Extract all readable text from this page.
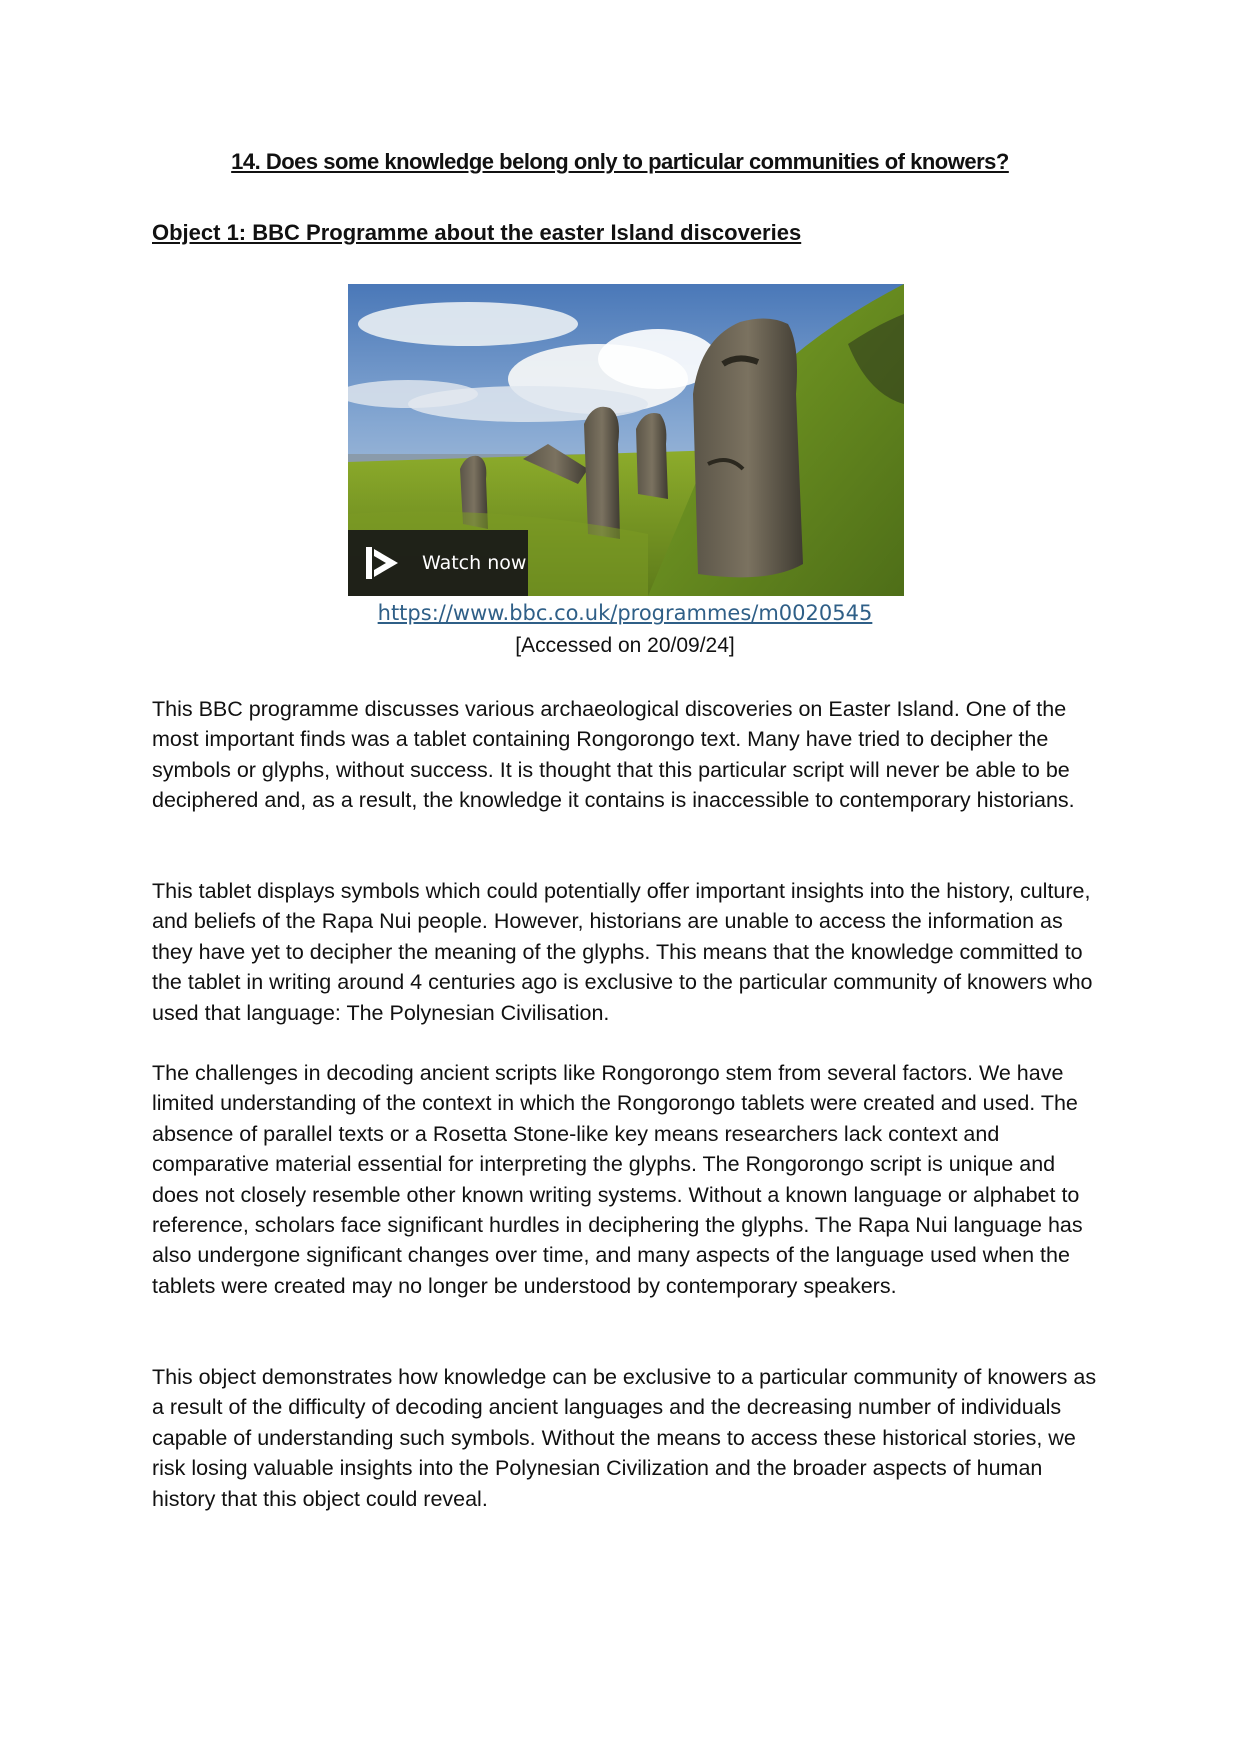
14. Does some knowledge belong only to particular communities of knowers?
Object 1: BBC Programme about the easter Island discoveries
Watch now
https://www.bbc.co.uk/programmes/m0020545
[Accessed on 20/09/24]

This BBC programme discusses various archaeological discoveries on Easter Island. One of the most important finds was a tablet containing Rongorongo text. Many have tried to decipher the symbols or glyphs, without success. It is thought that this particular script will never be able to be deciphered and, as a result, the knowledge it contains is inaccessible to contemporary historians.

This tablet displays symbols which could potentially offer important insights into the history, culture, and beliefs of the Rapa Nui people. However, historians are unable to access the information as they have yet to decipher the meaning of the glyphs. This means that the knowledge committed to the tablet in writing around 4 centuries ago is exclusive to the particular community of knowers who used that language: The Polynesian Civilisation.

The challenges in decoding ancient scripts like Rongorongo stem from several factors. We have limited understanding of the context in which the Rongorongo tablets were created and used. The absence of parallel texts or a Rosetta Stone-like key means researchers lack context and comparative material essential for interpreting the glyphs. The Rongorongo script is unique and does not closely resemble other known writing systems. Without a known language or alphabet to reference, scholars face significant hurdles in deciphering the glyphs. The Rapa Nui language has also undergone significant changes over time, and many aspects of the language used when the tablets were created may no longer be understood by contemporary speakers.

This object demonstrates how knowledge can be exclusive to a particular community of knowers as a result of the difficulty of decoding ancient languages and the decreasing number of individuals capable of understanding such symbols. Without the means to access these historical stories, we risk losing valuable insights into the Polynesian Civilization and the broader aspects of human history that this object could reveal.
